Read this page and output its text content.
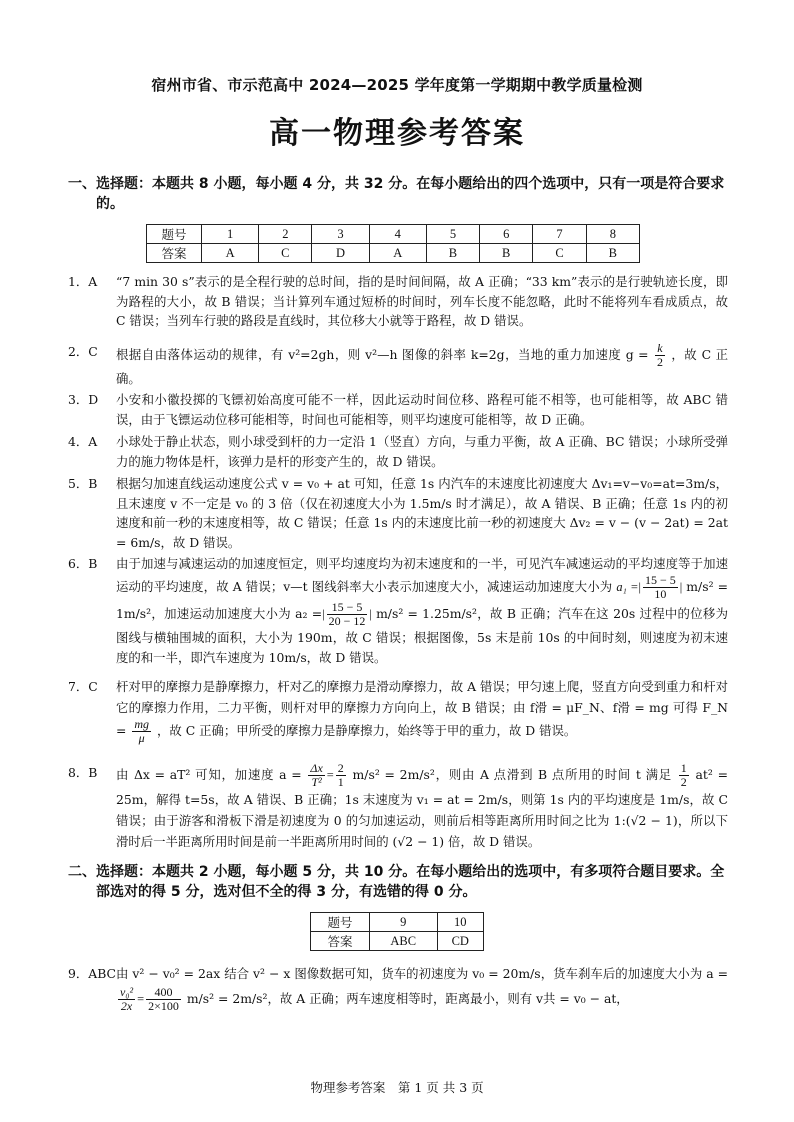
宿州市省、市示范高中 2024—2025 学年度第一学期期中教学质量检测
高一物理参考答案
一、 选择题：本题共 8 小题，每小题 4 分，共 32 分。在每小题给出的四个选项中，只有一项是符合要求的。
题号	1	2	3	4	5	6	7	8
答案	A	C	D	A	B	B	C	B
1．A “7 min 30 s”表示的是全程行驶的总时间，指的是时间间隔，故 A 正确；“33 km”表示的是行驶轨迹长度，即为路程的大小，故 B 错误；当计算列车通过短桥的时间时，列车长度不能忽略，此时不能将列车看成质点，故 C 错误；当列车行驶的路段是直线时，其位移大小就等于路程，故 D 错误。
2．C 根据自由落体运动的规律，有 v²=2gh，则 v²—h 图像的斜率 k=2g，当地的重力加速度 $g = \frac{k}{2}$ ，故 C 正确。
3．D 小安和小徽投掷的飞镖初始高度可能不一样，因此运动时间位移、路程可能不相等，也可能相等，故 ABC 错误，由于飞镖运动位移可能相等，时间也可能相等，则平均速度可能相等，故 D 正确。
4．A 小球处于静止状态，则小球受到杆的力一定沿 1（竖直）方向，与重力平衡，故 A 正确、BC 错误；小球所受弹力的施力物体是杆，该弹力是杆的形变产生的，故 D 错误。
5．B 根据匀加速直线运动速度公式 v = v₀ + at 可知，任意 1s 内汽车的末速度比初速度大 Δv₁=v−v₀=at=3m/s，且末速度 v 不一定是 v₀ 的 3 倍（仅在初速度大小为 1.5m/s 时才满足），故 A 错误、B 正确；任意 1s 内的初速度和前一秒的末速度相等，故 C 错误；任意 1s 内的末速度比前一秒的初速度大 Δv₂ = v − (v − 2at) = 2at = 6m/s，故 D 错误。
6．B 由于加速与减速运动的加速度恒定，则平均速度均为初末速度和的一半，可见汽车减速运动的平均速度等于加速运动的平均速度，故 A 错误；v—t 图线斜率大小表示加速度大小，减速运动加速度大小为 a₁ =| $\frac{15 - 5}{10}$ | m/s² = 1m/s²，加速运动加速度大小为 a₂ =| $\frac{15 - 5}{20 - 12}$ | m/s² = 1.25m/s²，故 B 正确；汽车在这 20s 过程中的位移为图线与横轴围城的面积，大小为 190m，故 C 错误；根据图像，5s 末是前 10s 的中间时刻，则速度为初末速度的和一半，即汽车速度为 10m/s，故 D 错误。
7．C 杆对甲的摩擦力是静摩擦力，杆对乙的摩擦力是滑动摩擦力，故 A 错误；甲匀速上爬，竖直方向受到重力和杆对它的摩擦力作用，二力平衡，则杆对甲的摩擦力方向向上，故 B 错误；由 f滑 = μF_N、f滑 = mg 可得 F_N = $\frac{mg}{\mu}$ ，故 C 正确；甲所受的摩擦力是静摩擦力，始终等于甲的重力，故 D 错误。
8．B 由 Δx = aT² 可知，加速度 $a = \frac{\Delta x}{\text{T²}} = \frac{2}{1} m/s^2 = 2m/s^2$，则由 A 点滑到 B 点所用的时间 t 满足 $\frac{1}{2} at^2 = 25m$，解得 t=5s，故 A 错误、B 正确；1s 末速度为 v₁ = at = 2m/s，则第 1s 内的平均速度是 1m/s，故 C 错误；由于游客和滑板下滑是初速度为 0 的匀加速运动，则前后相等距离所用时间之比为 1:(√2 − 1)，所以下滑时后一半距离所用时间是前一半距离所用时间的 (√2 − 1) 倍，故 D 错误。
二、 选择题：本题共 2 小题，每小题 5 分，共 10 分。在每小题给出的选项中，有多项符合题目要求。全部选对的得 5 分，选对但不全的得 3 分，有选错的得 0 分。
题号	9	10
答案	ABC	CD
9．ABC 由 v² − v₀² = 2ax 结合 v² − x 图像数据可知，货车的初速度为 v₀ = 20m/s，货车刹车后的加速度大小为 a =
$\frac{\text{v₀²}}{2x} = \frac{400}{2\times 100} m/s^2 = 2m/s^2$，故 A 正确；两车速度相等时，距离最小，则有 v共 = v₀ − at，
物理参考答案　第 1 页 共 3 页
